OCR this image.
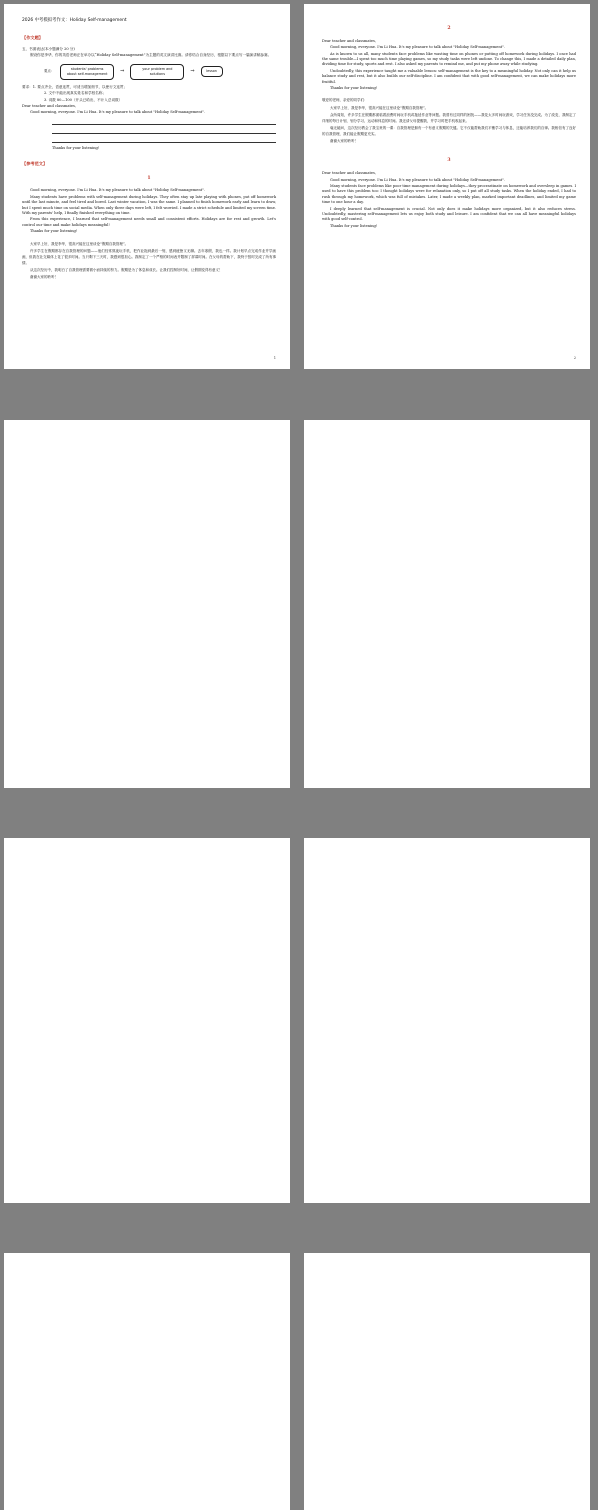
2026 中考模拟考作文：Holiday Self-management
【作文题】

五、书面表达(本小题满分 20 分)

假设你是李华，你的英语老师正在举办以“Holiday Self-management”为主题的英文演讲比赛。请你结合自身经历，根据以下要点写一篇演讲稿参赛。

要点：
students' problems about self-management	⇒	your problem and solutions	⇒	lesson

要求：1. 要点齐全，语意连贯，可适当增加细节，以使行文连贯；

2. 文中不能出现真实姓名和学校名称；

3. 词数 80—100（开头已给出，不计入总词数）

Dear teacher and classmates,

Good morning, everyone. I'm Li Hua. It's my pleasure to talk about "Holiday Self-management".

Thanks for your listening!

【参考范文】
1

Good morning, everyone. I'm Li Hua. It's my pleasure to talk about "Holiday Self-management".

Many students have problems with self-management during holidays. They often stay up late playing with phones, put off homework until the last minute, and feel tired and bored. Last winter vacation, I was the same. I planned to finish homework early and learn to draw, but I spent much time on social media. When only three days were left, I felt worried. I made a strict schedule and limited my screen time. With my parents' help, I finally finished everything on time.

From this experience, I learned that self-management needs small and consistent efforts. Holidays are for rest and growth. Let's control our time and make holidays meaningful!

Thanks for your listening!

大家早上好，我是李华，很高兴能在这里谈论“假期自我管理”。

许多学生在假期都存在自我管理的问题——他们经常熬夜玩手机，把作业拖到最后一刻，感到疲惫又无聊。去年寒假，我也一样。我计划早点完成作业并学画画，但我在社交媒体上花了很多时间。当只剩下三天时，我感到很担心。我制定了一个严格的时间表并限制了屏幕时间。在父母的帮助下，我终于按时完成了所有事情。

从这次经历中，我明白了自我管理需要微小而持续的努力。假期是为了休息和成长。让我们控制好时间，让假期变得有意义！

谢谢大家的聆听！

1
2

Dear teacher and classmates,

Good morning, everyone. I'm Li Hua. It's my pleasure to talk about "Holiday Self-management".

As is known to us all, many students face problems like wasting time on phones or putting off homework during holidays. I once had the same trouble—I spent too much time playing games, so my study tasks were left undone. To change this, I made a detailed daily plan, dividing time for study, sports and rest. I also asked my parents to remind me, and put my phone away while studying.

Undoubtedly, this experience taught me a valuable lesson: self-management is the key to a meaningful holiday. Not only can it help us balance study and rest, but it also builds our self-discipline. I am confident that with good self-management, we can make holidays more fruitful.

Thanks for your listening!

敬爱的老师，亲爱的同学们：

大家早上好，我是李华，很高兴能在这里谈论“假期自我管理”。

众所周知，许多学生在假期都面临着浪费时间玩手机或拖延作业等问题。我曾有过同样的困扰——我花太多时间玩游戏，学习任务没完成。为了改变，我制定了详细的每日计划，划分学习、运动和休息的时间。我还请父母提醒我，并学习时把手机收起来。

毫无疑问，这次经历教会了我宝贵的一课：自我管理是拥有一个有意义假期的关键。它不仅能帮助我们平衡学习与休息，还能培养我们的自律。我相信有了良好的自我管理，我们能让假期更充实。

谢谢大家的聆听！

3

Dear teacher and classmates,

Good morning, everyone. I'm Li Hua. It's my pleasure to talk about "Holiday Self-management".

Many students face problems like poor time management during holidays—they procrastinate on homework and oversleep in games. I used to have this problem too: I thought holidays were for relaxation only, so I put off all study tasks. When the holiday ended, I had to rush through my homework, which was full of mistakes. Later, I made a weekly plan, marked important deadlines, and limited my game time to one hour a day.

I deeply learned that self-management is crucial. Not only does it make holidays more organized, but it also reduces stress. Undoubtedly, mastering self-management lets us enjoy both study and leisure. I am confident that we can all have meaningful holidays with good self-control.

Thanks for your listening!

2
